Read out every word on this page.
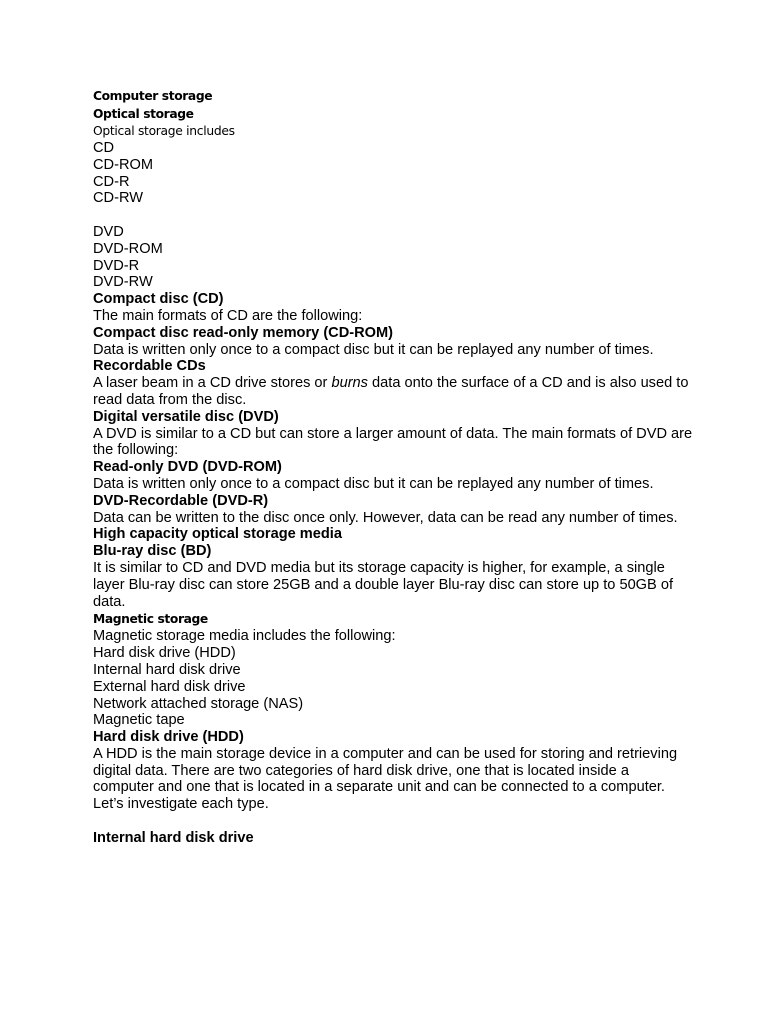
Computer storage

Optical storage

Optical storage includes

CD

CD-ROM

CD-R

CD-RW

DVD

DVD-ROM

DVD-R

DVD-RW

Compact disc (CD)

The main formats of CD are the following:

Compact disc read-only memory (CD-ROM)

Data is written only once to a compact disc but it can be replayed any number of times.

Recordable CDs

A laser beam in a CD drive stores or burns data onto the surface of a CD and is also used to read data from the disc.

Digital versatile disc (DVD)

A DVD is similar to a CD but can store a larger amount of data. The main formats of DVD are the following:

Read-only DVD (DVD-ROM)

Data is written only once to a compact disc but it can be replayed any number of times.

DVD-Recordable (DVD-R)

Data can be written to the disc once only. However, data can be read any number of times.

High capacity optical storage media

Blu-ray disc (BD)

It is similar to CD and DVD media but its storage capacity is higher, for example, a single layer Blu-ray disc can store 25GB and a double layer Blu-ray disc can store up to 50GB of data.

Magnetic storage

Magnetic storage media includes the following:

Hard disk drive (HDD)

Internal hard disk drive

External hard disk drive

Network attached storage (NAS)

Magnetic tape

Hard disk drive (HDD)

A HDD is the main storage device in a computer and can be used for storing and retrieving digital data. There are two categories of hard disk drive, one that is located inside a computer and one that is located in a separate unit and can be connected to a computer. Let’s investigate each type.

Internal hard disk drive
